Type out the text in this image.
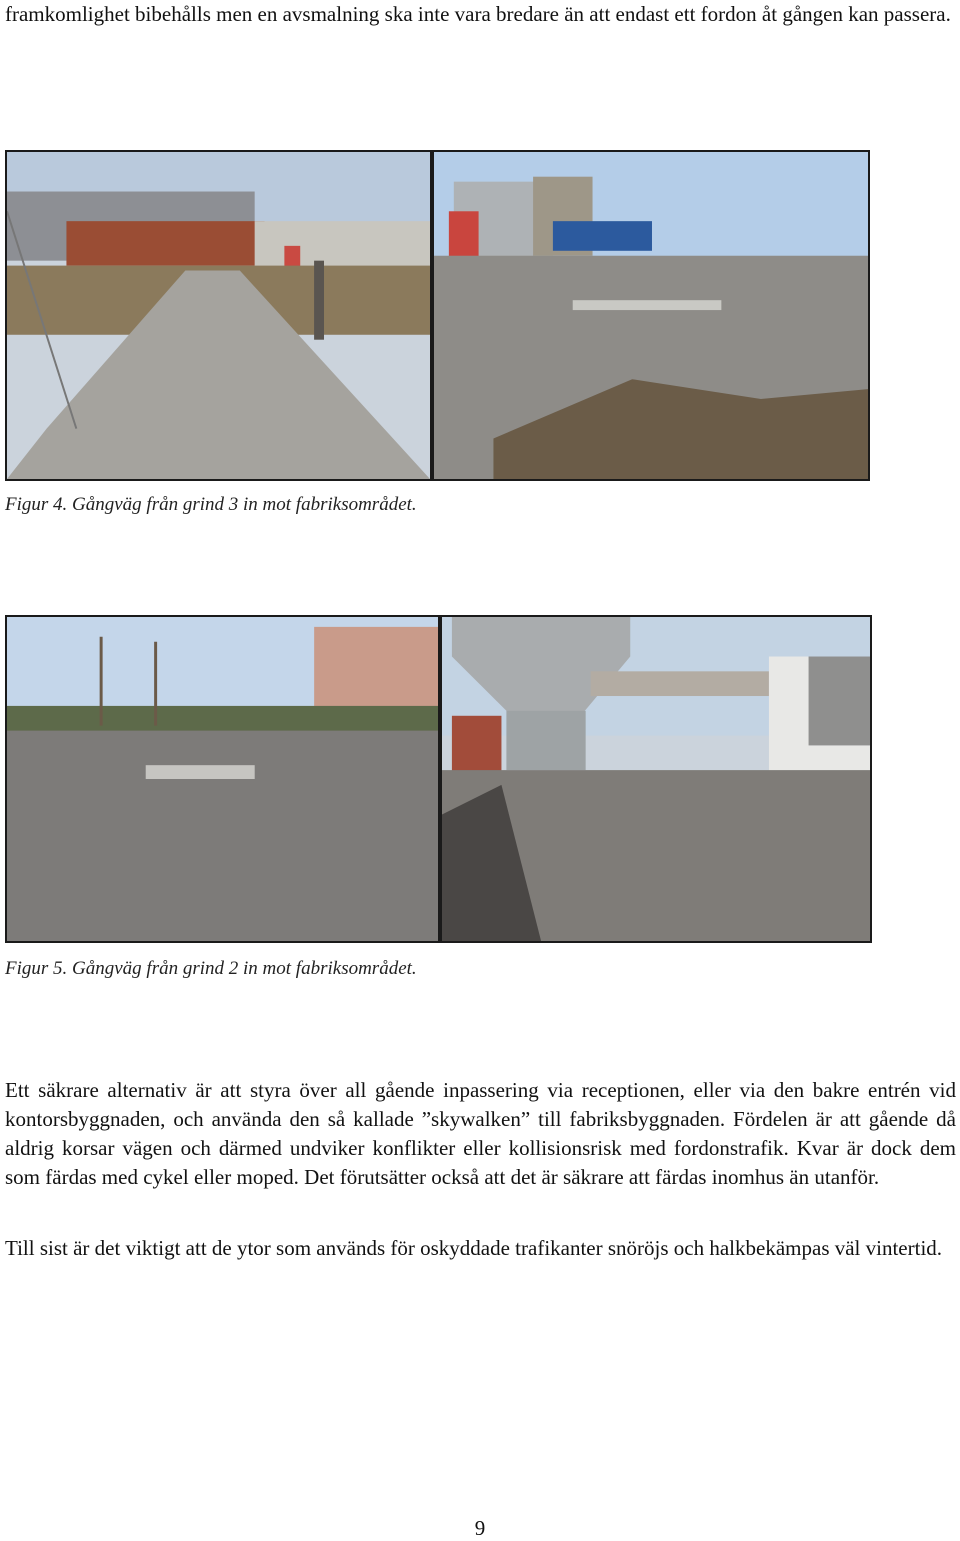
framkomlighet bibehålls men en avsmalning ska inte vara bredare än att endast ett fordon åt gången kan passera.

Figur 4. Gångväg från grind 3 in mot fabriksområdet.

Figur 5. Gångväg från grind 2 in mot fabriksområdet.

Ett säkrare alternativ är att styra över all gående inpassering via receptionen, eller via den bakre entrén vid kontorsbyggnaden, och använda den så kallade ”skywalken” till fabriksbyggnaden. Fördelen är att gående då aldrig korsar vägen och därmed undviker konflikter eller kollisionsrisk med fordonstrafik. Kvar är dock dem som färdas med cykel eller moped. Det förutsätter också att det är säkrare att färdas inomhus än utanför.

Till sist är det viktigt att de ytor som används för oskyddade trafikanter snöröjs och halkbekämpas väl vintertid.

9
